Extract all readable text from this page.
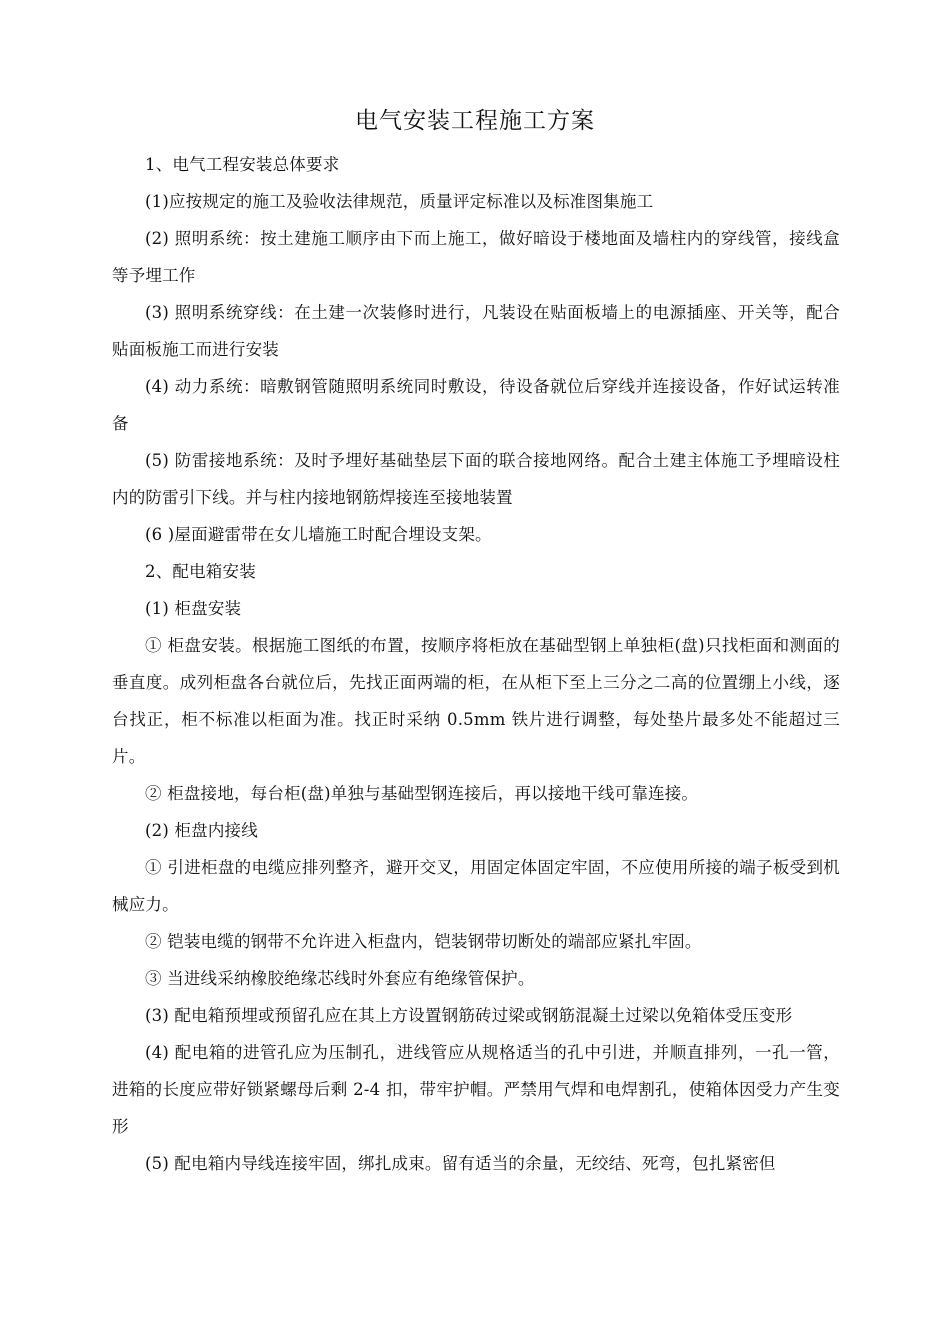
电气安装工程施工方案

1、电气工程安装总体要求

(1)应按规定的施工及验收法律规范，质量评定标准以及标准图集施工

(2) 照明系统：按土建施工顺序由下而上施工，做好暗设于楼地面及墙柱内的穿线管，接线盒等予埋工作

(3) 照明系统穿线：在土建一次装修时进行，凡装设在贴面板墙上的电源插座、开关等，配合贴面板施工而进行安装

(4) 动力系统：暗敷钢管随照明系统同时敷设，待设备就位后穿线并连接设备，作好试运转准备

(5) 防雷接地系统：及时予埋好基础垫层下面的联合接地网络。配合土建主体施工予埋暗设柱内的防雷引下线。并与柱内接地钢筋焊接连至接地装置

(6 )屋面避雷带在女儿墙施工时配合埋设支架。

2、配电箱安装

(1) 柜盘安装

① 柜盘安装。根据施工图纸的布置，按顺序将柜放在基础型钢上单独柜(盘)只找柜面和测面的垂直度。成列柜盘各台就位后，先找正面两端的柜，在从柜下至上三分之二高的位置绷上小线，逐台找正，柜不标准以柜面为准。找正时采纳 0.5mm 铁片进行调整，每处垫片最多处不能超过三片。

② 柜盘接地，每台柜(盘)单独与基础型钢连接后，再以接地干线可靠连接。

(2) 柜盘内接线

① 引进柜盘的电缆应排列整齐，避开交叉，用固定体固定牢固，不应使用所接的端子板受到机械应力。

② 铠装电缆的钢带不允许进入柜盘内，铠装钢带切断处的端部应紧扎牢固。

③ 当进线采纳橡胶绝缘芯线时外套应有绝缘管保护。

(3) 配电箱预埋或预留孔应在其上方设置钢筋砖过梁或钢筋混凝土过梁以免箱体受压变形

(4) 配电箱的进管孔应为压制孔，进线管应从规格适当的孔中引进，并顺直排列，一孔一管，进箱的长度应带好锁紧螺母后剩 2-4 扣，带牢护帽。严禁用气焊和电焊割孔，使箱体因受力产生变形

(5) 配电箱内导线连接牢固，绑扎成束。留有适当的余量，无绞结、死弯，包扎紧密但
